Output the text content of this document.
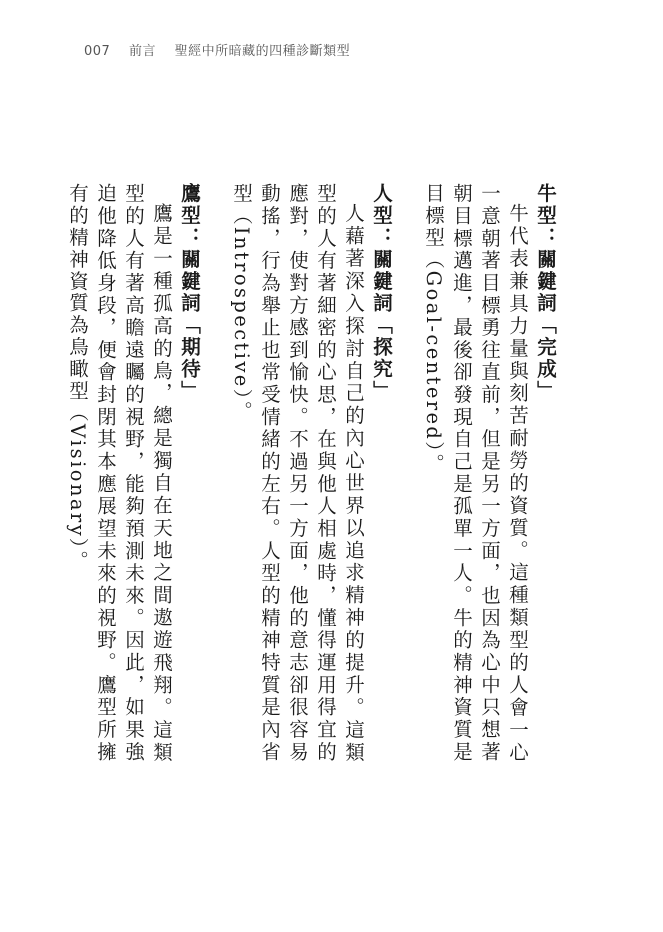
007 前言 聖經中所暗藏的四種診斷類型
牛型：關鍵詞「完成」
牛代表兼具力量與刻苦耐勞的資質。這種類型的人會一心一意朝著目標勇往直前，但是另一方面，也因為心中只想著朝目標邁進，最後卻發現自己是孤單一人。牛的精神資質是目標型（Goal-centered）。
人型：關鍵詞「探究」
人藉著深入探討自己的內心世界以追求精神的提升。這類型的人有著細密的心思，在與他人相處時，懂得運用得宜的應對，使對方感到愉快。不過另一方面，他的意志卻很容易動搖，行為舉止也常受情緒的左右。人型的精神特質是內省型（Introspective）。
鷹型：關鍵詞「期待」
鷹是一種孤高的鳥，總是獨自在天地之間遨遊飛翔。這類型的人有著高瞻遠矚的視野，能夠預測未來。因此，如果強迫他降低身段，便會封閉其本應展望未來的視野。鷹型所擁有的精神資質為鳥瞰型（Visionary）。
